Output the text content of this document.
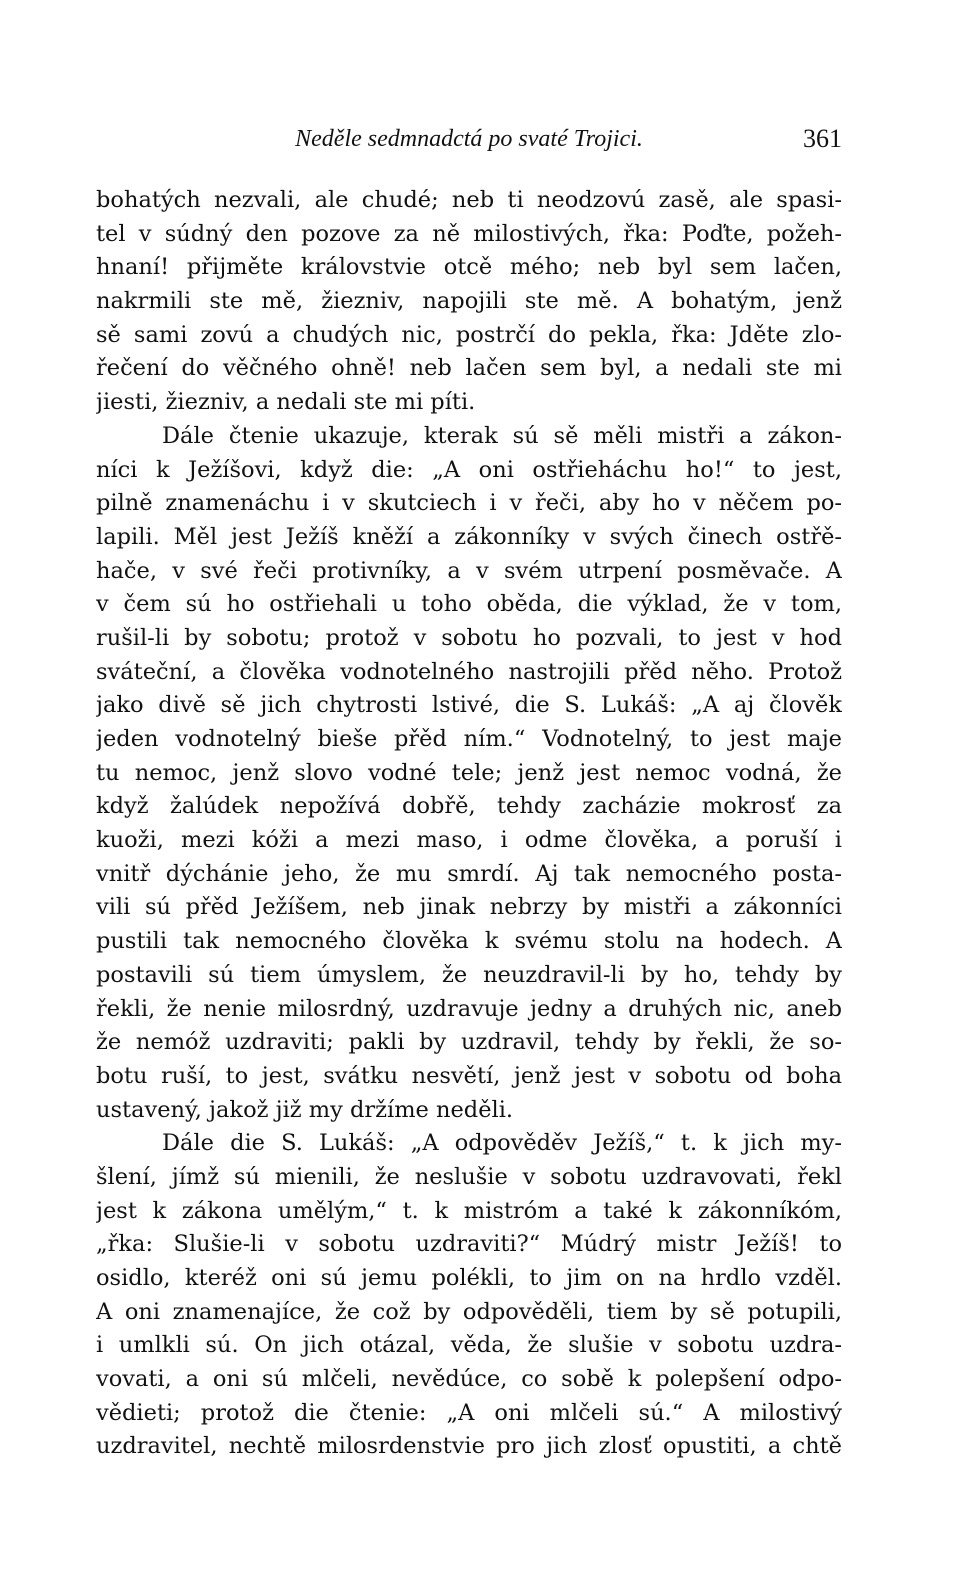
Neděle sedmnadctá po svaté Trojici.	361
bohatých nezvali, ale chudé; neb ti neodzovú zasě, ale spasi-
tel v súdný den pozove za ně milostivých, řka: Poďte, požeh-
hnaní! přijměte královstvie otcě mého; neb byl sem lačen,
nakrmili ste mě, žiezniv, napojili ste mě. A bohatým, jenž
sě sami zovú a chudých nic, postrčí do pekla, řka: Jděte zlo-
řečení do věčného ohně! neb lačen sem byl, a nedali ste mi
jiesti, žiezniv, a nedali ste mi píti.
Dále čtenie ukazuje, kterak sú sě měli mistři a zákon-
níci k Ježíšovi, když die: „A oni ostřieháchu ho!“ to jest,
pilně znamenáchu i v skutciech i v řeči, aby ho v něčem po-
lapili. Měl jest Ježíš kněží a zákonníky v svých činech ostřě-
hače, v své řeči protivníky, a v svém utrpení posměvače. A
v čem sú ho ostřiehali u toho oběda, die výklad, že v tom,
rušil-li by sobotu; protož v sobotu ho pozvali, to jest v hod
sváteční, a člověka vodnotelného nastrojili přěd něho. Protož
jako divě sě jich chytrosti lstivé, die S. Lukáš: „A aj člověk
jeden vodnotelný bieše přěd ním.“ Vodnotelný, to jest maje
tu nemoc, jenž slovo vodné tele; jenž jest nemoc vodná, že
když žalúdek nepožívá dobřě, tehdy zacházie mokrosť za
kuoži, mezi kóži a mezi maso, i odme člověka, a poruší i
vnitř dýchánie jeho, že mu smrdí. Aj tak nemocného posta-
vili sú přěd Ježíšem, neb jinak nebrzy by mistři a zákonníci
pustili tak nemocného člověka k svému stolu na hodech. A
postavili sú tiem úmyslem, že neuzdravil-li by ho, tehdy by
řekli, že nenie milosrdný, uzdravuje jedny a druhých nic, aneb
že nemóž uzdraviti; pakli by uzdravil, tehdy by řekli, že so-
botu ruší, to jest, svátku nesvětí, jenž jest v sobotu od boha
ustavený, jakož již my držíme neděli.
Dále die S. Lukáš: „A odpověděv Ježíš,“ t. k jich my-
šlení, jímž sú mienili, že neslušie v sobotu uzdravovati, řekl
jest k zákona umělým,“ t. k mistróm a také k zákonníkóm,
„řka: Slušie-li v sobotu uzdraviti?“ Múdrý mistr Ježíš! to
osidlo, kteréž oni sú jemu polékli, to jim on na hrdlo vzděl.
A oni znamenajíce, že což by odpověděli, tiem by sě potupili,
i umlkli sú. On jich otázal, věda, že slušie v sobotu uzdra-
vovati, a oni sú mlčeli, nevědúce, co sobě k polepšení odpo-
vědieti; protož die čtenie: „A oni mlčeli sú.“ A milostivý
uzdravitel, nechtě milosrdenstvie pro jich zlosť opustiti, a chtě
